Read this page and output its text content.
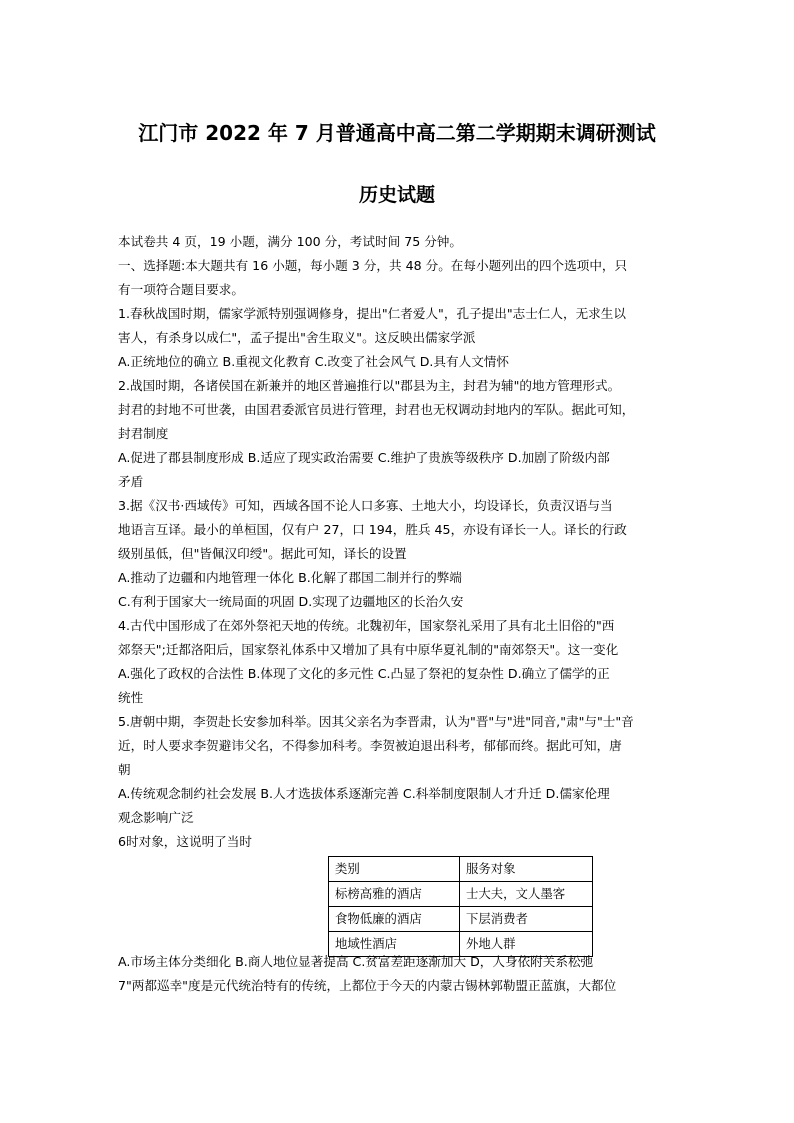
江门市 2022 年 7 月普通高中高二第二学期期末调研测试
历史试题

本试卷共 4 页，19 小题，满分 100 分，考试时间 75 分钟。

一、选择题:本大题共有 16 小题，每小题 3 分，共 48 分。在每小题列出的四个选项中，只

有一项符合题目要求。

1.春秋战国时期，儒家学派特别强调修身，提出"仁者爱人"，孔子提出"志士仁人，无求生以

害人，有杀身以成仁"，孟子提出"舍生取义"。这反映出儒家学派

A.正统地位的确立 B.重视文化教育 C.改变了社会风气 D.具有人文情怀

2.战国时期，各诸侯国在新兼并的地区普遍推行以"郡县为主，封君为辅"的地方管理形式。

封君的封地不可世袭，由国君委派官员进行管理，封君也无权调动封地内的军队。据此可知，

封君制度

A.促进了郡县制度形成 B.适应了现实政治需要 C.维护了贵族等级秩序 D.加剧了阶级内部

矛盾

3.据《汉书·西域传》可知，西域各国不论人口多寡、土地大小，均设译长，负责汉语与当

地语言互译。最小的单桓国，仅有户 27，口 194，胜兵 45，亦设有译长一人。译长的行政

级别虽低，但"皆佩汉印绶"。据此可知，译长的设置

A.推动了边疆和内地管理一体化 B.化解了郡国二制并行的弊端

C.有利于国家大一统局面的巩固 D.实现了边疆地区的长治久安

4.古代中国形成了在郊外祭祀天地的传统。北魏初年，国家祭礼采用了具有北土旧俗的"西

郊祭天";迁都洛阳后，国家祭礼体系中又增加了具有中原华夏礼制的"南郊祭天"。这一变化

A.强化了政权的合法性 B.体现了文化的多元性 C.凸显了祭祀的复杂性 D.确立了儒学的正

统性

5.唐朝中期，李贺赴长安参加科举。因其父亲名为李晋肃，认为"晋"与"进"同音,"肃"与"士"音

近，时人要求李贺避讳父名，不得参加科考。李贺被迫退出科考，郁郁而终。据此可知，唐

朝

A.传统观念制约社会发展 B.人才选拔体系逐渐完善 C.科举制度限制人才升迁 D.儒家伦理

观念影响广泛

6时对象，这说明了当时

类别	服务对象
标榜高雅的酒店	士大夫，文人墨客
食物低廉的酒店	下层消费者
地域性酒店	外地人群

A.市场主体分类细化 B.商人地位显著提高 C.贫富差距逐渐加大 D，人身依附关系松弛

7"两都巡幸"度是元代统治特有的传统，上都位于今天的内蒙古锡林郭勒盟正蓝旗，大都位
